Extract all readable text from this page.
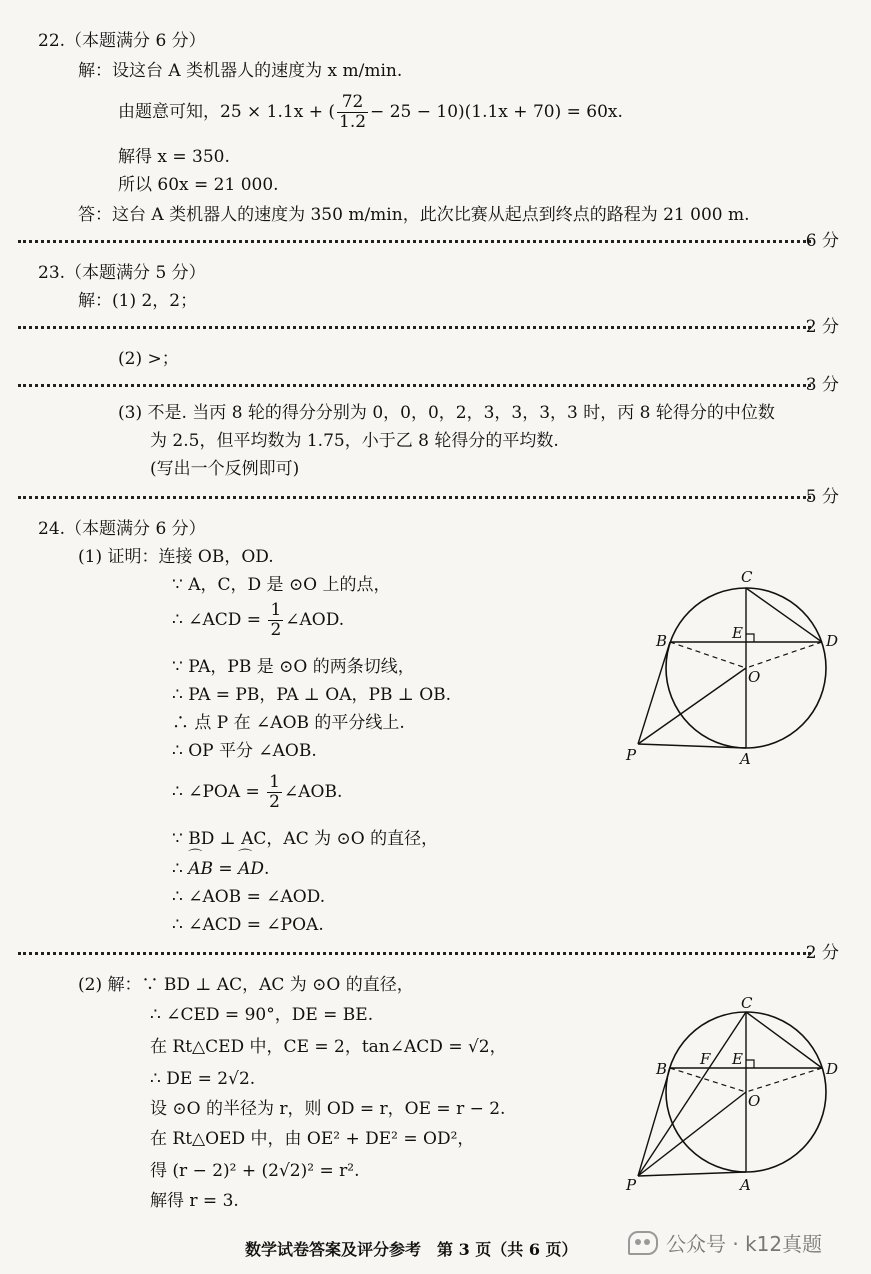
22.（本题满分 6 分）
解：设这台 A 类机器人的速度为 x m/min.
由题意可知，25 × 1.1x + ( $\frac{72}{1.2} - 25 - 10)(1.1x + 70) = 60x$.
解得 x = 350.
所以 60x = 21 000.
答：这台 A 类机器人的速度为 350 m/min，此次比赛从起点到终点的路程为 21 000 m.
6 分
23.（本题满分 5 分）
解：(1) 2，2；
2 分
(2) >；
3 分
(3) 不是. 当丙 8 轮的得分分别为 0，0，0，2，3，3，3，3 时，丙 8 轮得分的中位数
为 2.5，但平均数为 1.75，小于乙 8 轮得分的平均数.
(写出一个反例即可)
5 分
24.（本题满分 6 分）
(1) 证明：连接 OB，OD.
∵ A，C，D 是 ⊙O 上的点，
∴ ∠ACD = $\frac{1}{2}$ ∠AOD.
∵ PA，PB 是 ⊙O 的两条切线，
∴ PA = PB，PA ⊥ OA，PB ⊥ OB.
∴ 点 P 在 ∠AOB 的平分线上.
∴ OP 平分 ∠AOB.
∴ ∠POA = $\frac{1}{2}$ ∠AOB.
∵ BD ⊥ AC，AC 为 ⊙O 的直径，
∴ ⌒ AB = ⌒ AD.
∴ ∠AOB = ∠AOD.
∴ ∠ACD = ∠POA.
2 分
(2) 解：∵ BD ⊥ AC，AC 为 ⊙O 的直径，
∴ ∠CED = 90°，DE = BE.
在 Rt△CED 中，CE = 2，tan∠ACD = √2，
∴ DE = 2√2.
设 ⊙O 的半径为 r，则 OD = r，OE = r − 2.
在 Rt△OED 中，由 OE² + DE² = OD²，
得 (r − 2)² + (2√2)² = r².
解得 r = 3.
C
B	E	D
O
P	A
C
B
F E
D
O
P	A
数学试卷答案及评分参考　第 3 页（共 6 页）	公众号 · k12真题
